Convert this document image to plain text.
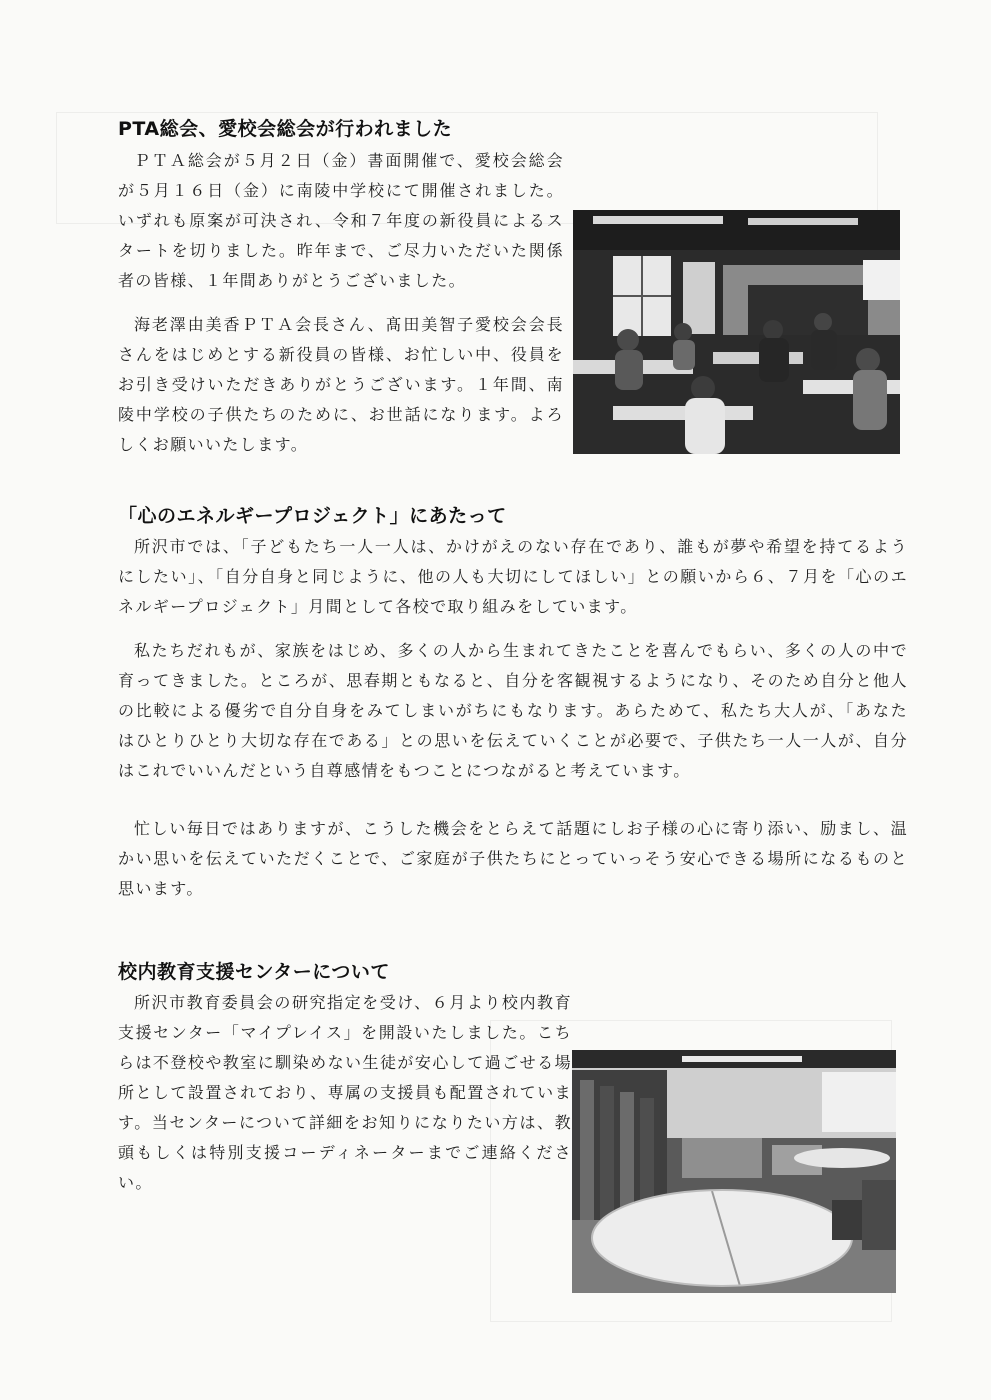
PTA総会、愛校会総会が行われました

ＰＴＡ総会が５月２日（金）書面開催で、愛校会総会が５月１６日（金）に南陵中学校にて開催されました。いずれも原案が可決され、令和７年度の新役員によるスタートを切りました。昨年まで、ご尽力いただいた関係者の皆様、１年間ありがとうございました。

海老澤由美香ＰＴＡ会長さん、髙田美智子愛校会会長さんをはじめとする新役員の皆様、お忙しい中、役員をお引き受けいただきありがとうございます。１年間、南陵中学校の子供たちのために、お世話になります。よろしくお願いいたします。

「心のエネルギープロジェクト」にあたって

所沢市では、「子どもたち一人一人は、かけがえのない存在であり、誰もが夢や希望を持てるようにしたい」、「自分自身と同じように、他の人も大切にしてほしい」との願いから６、７月を「心のエネルギープロジェクト」月間として各校で取り組みをしています。

私たちだれもが、家族をはじめ、多くの人から生まれてきたことを喜んでもらい、多くの人の中で育ってきました。ところが、思春期ともなると、自分を客観視するようになり、そのため自分と他人の比較による優劣で自分自身をみてしまいがちにもなります。あらためて、私たち大人が、「あなたはひとりひとり大切な存在である」との思いを伝えていくことが必要で、子供たち一人一人が、自分はこれでいいんだという自尊感情をもつことにつながると考えています。

忙しい毎日ではありますが、こうした機会をとらえて話題にしお子様の心に寄り添い、励まし、温かい思いを伝えていただくことで、ご家庭が子供たちにとっていっそう安心できる場所になるものと思います。

校内教育支援センターについて

所沢市教育委員会の研究指定を受け、６月より校内教育支援センター「マイプレイス」を開設いたしました。こちらは不登校や教室に馴染めない生徒が安心して過ごせる場所として設置されており、専属の支援員も配置されています。当センターについて詳細をお知りになりたい方は、教頭もしくは特別支援コーディネーターまでご連絡ください。
